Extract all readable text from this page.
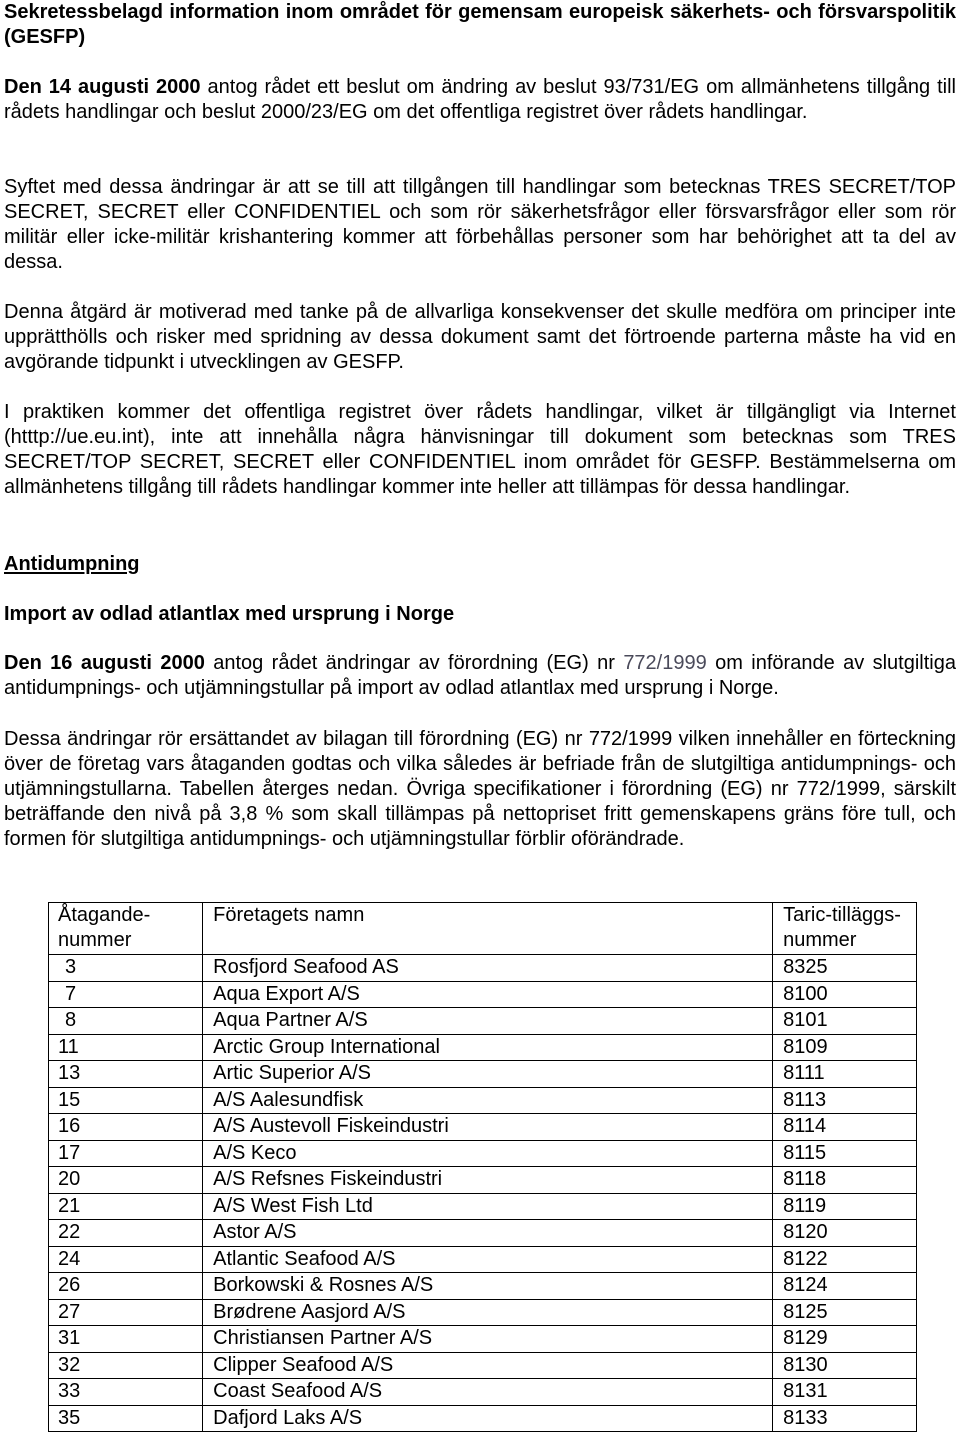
Sekretessbelagd information inom området för gemensam europeisk säkerhets- och försvarspolitik (GESFP)

Den 14 augusti 2000 antog rådet ett beslut om ändring av beslut 93/731/EG om allmänhetens tillgång till rådets handlingar och beslut 2000/23/EG om det offentliga registret över rådets handlingar.

Syftet med dessa ändringar är att se till att tillgången till handlingar som betecknas TRES SECRET/TOP SECRET, SECRET eller CONFIDENTIEL och som rör säkerhetsfrågor eller försvarsfrågor eller som rör militär eller icke-militär krishantering kommer att förbehållas personer som har behörighet att ta del av dessa.

Denna åtgärd är motiverad med tanke på de allvarliga konsekvenser det skulle medföra om principer inte upprätthölls och risker med spridning av dessa dokument samt det förtroende parterna måste ha vid en avgörande tidpunkt i utvecklingen av GESFP.

I praktiken kommer det offentliga registret över rådets handlingar, vilket är tillgängligt via Internet (htttp://ue.eu.int), inte att innehålla några hänvisningar till dokument som betecknas som TRES SECRET/TOP SECRET, SECRET eller CONFIDENTIEL inom området för GESFP. Bestämmelserna om allmänhetens tillgång till rådets handlingar kommer inte heller att tillämpas för dessa handlingar.

Antidumpning

Import av odlad atlantlax med ursprung i Norge

Den 16 augusti 2000 antog rådet ändringar av förordning (EG) nr 772/1999 om införande av slutgiltiga antidumpnings- och utjämningstullar på import av odlad atlantlax med ursprung i Norge.

Dessa ändringar rör ersättandet av bilagan till förordning (EG) nr 772/1999 vilken innehåller en förteckning över de företag vars åtaganden godtas och vilka således är befriade från de slutgiltiga antidumpnings- och utjämningstullarna. Tabellen återges nedan. Övriga specifikationer i förordning (EG) nr 772/1999, särskilt beträffande den nivå på 3,8 % som skall tillämpas på nettopriset fritt gemenskapens gräns före tull, och formen för slutgiltiga antidumpnings- och utjämningstullar förblir oförändrade.

Åtagande-nummer	Företagets namn	Taric-tilläggs-nummer
3	Rosfjord Seafood AS	8325
7	Aqua Export A/S	8100
8	Aqua Partner A/S	8101
11	Arctic Group International	8109
13	Artic Superior A/S	8111
15	A/S Aalesundfisk	8113
16	A/S Austevoll Fiskeindustri	8114
17	A/S Keco	8115
20	A/S Refsnes Fiskeindustri	8118
21	A/S West Fish Ltd	8119
22	Astor A/S	8120
24	Atlantic Seafood A/S	8122
26	Borkowski & Rosnes A/S	8124
27	Brødrene Aasjord A/S	8125
31	Christiansen Partner A/S	8129
32	Clipper Seafood A/S	8130
33	Coast Seafood A/S	8131
35	Dafjord Laks A/S	8133
